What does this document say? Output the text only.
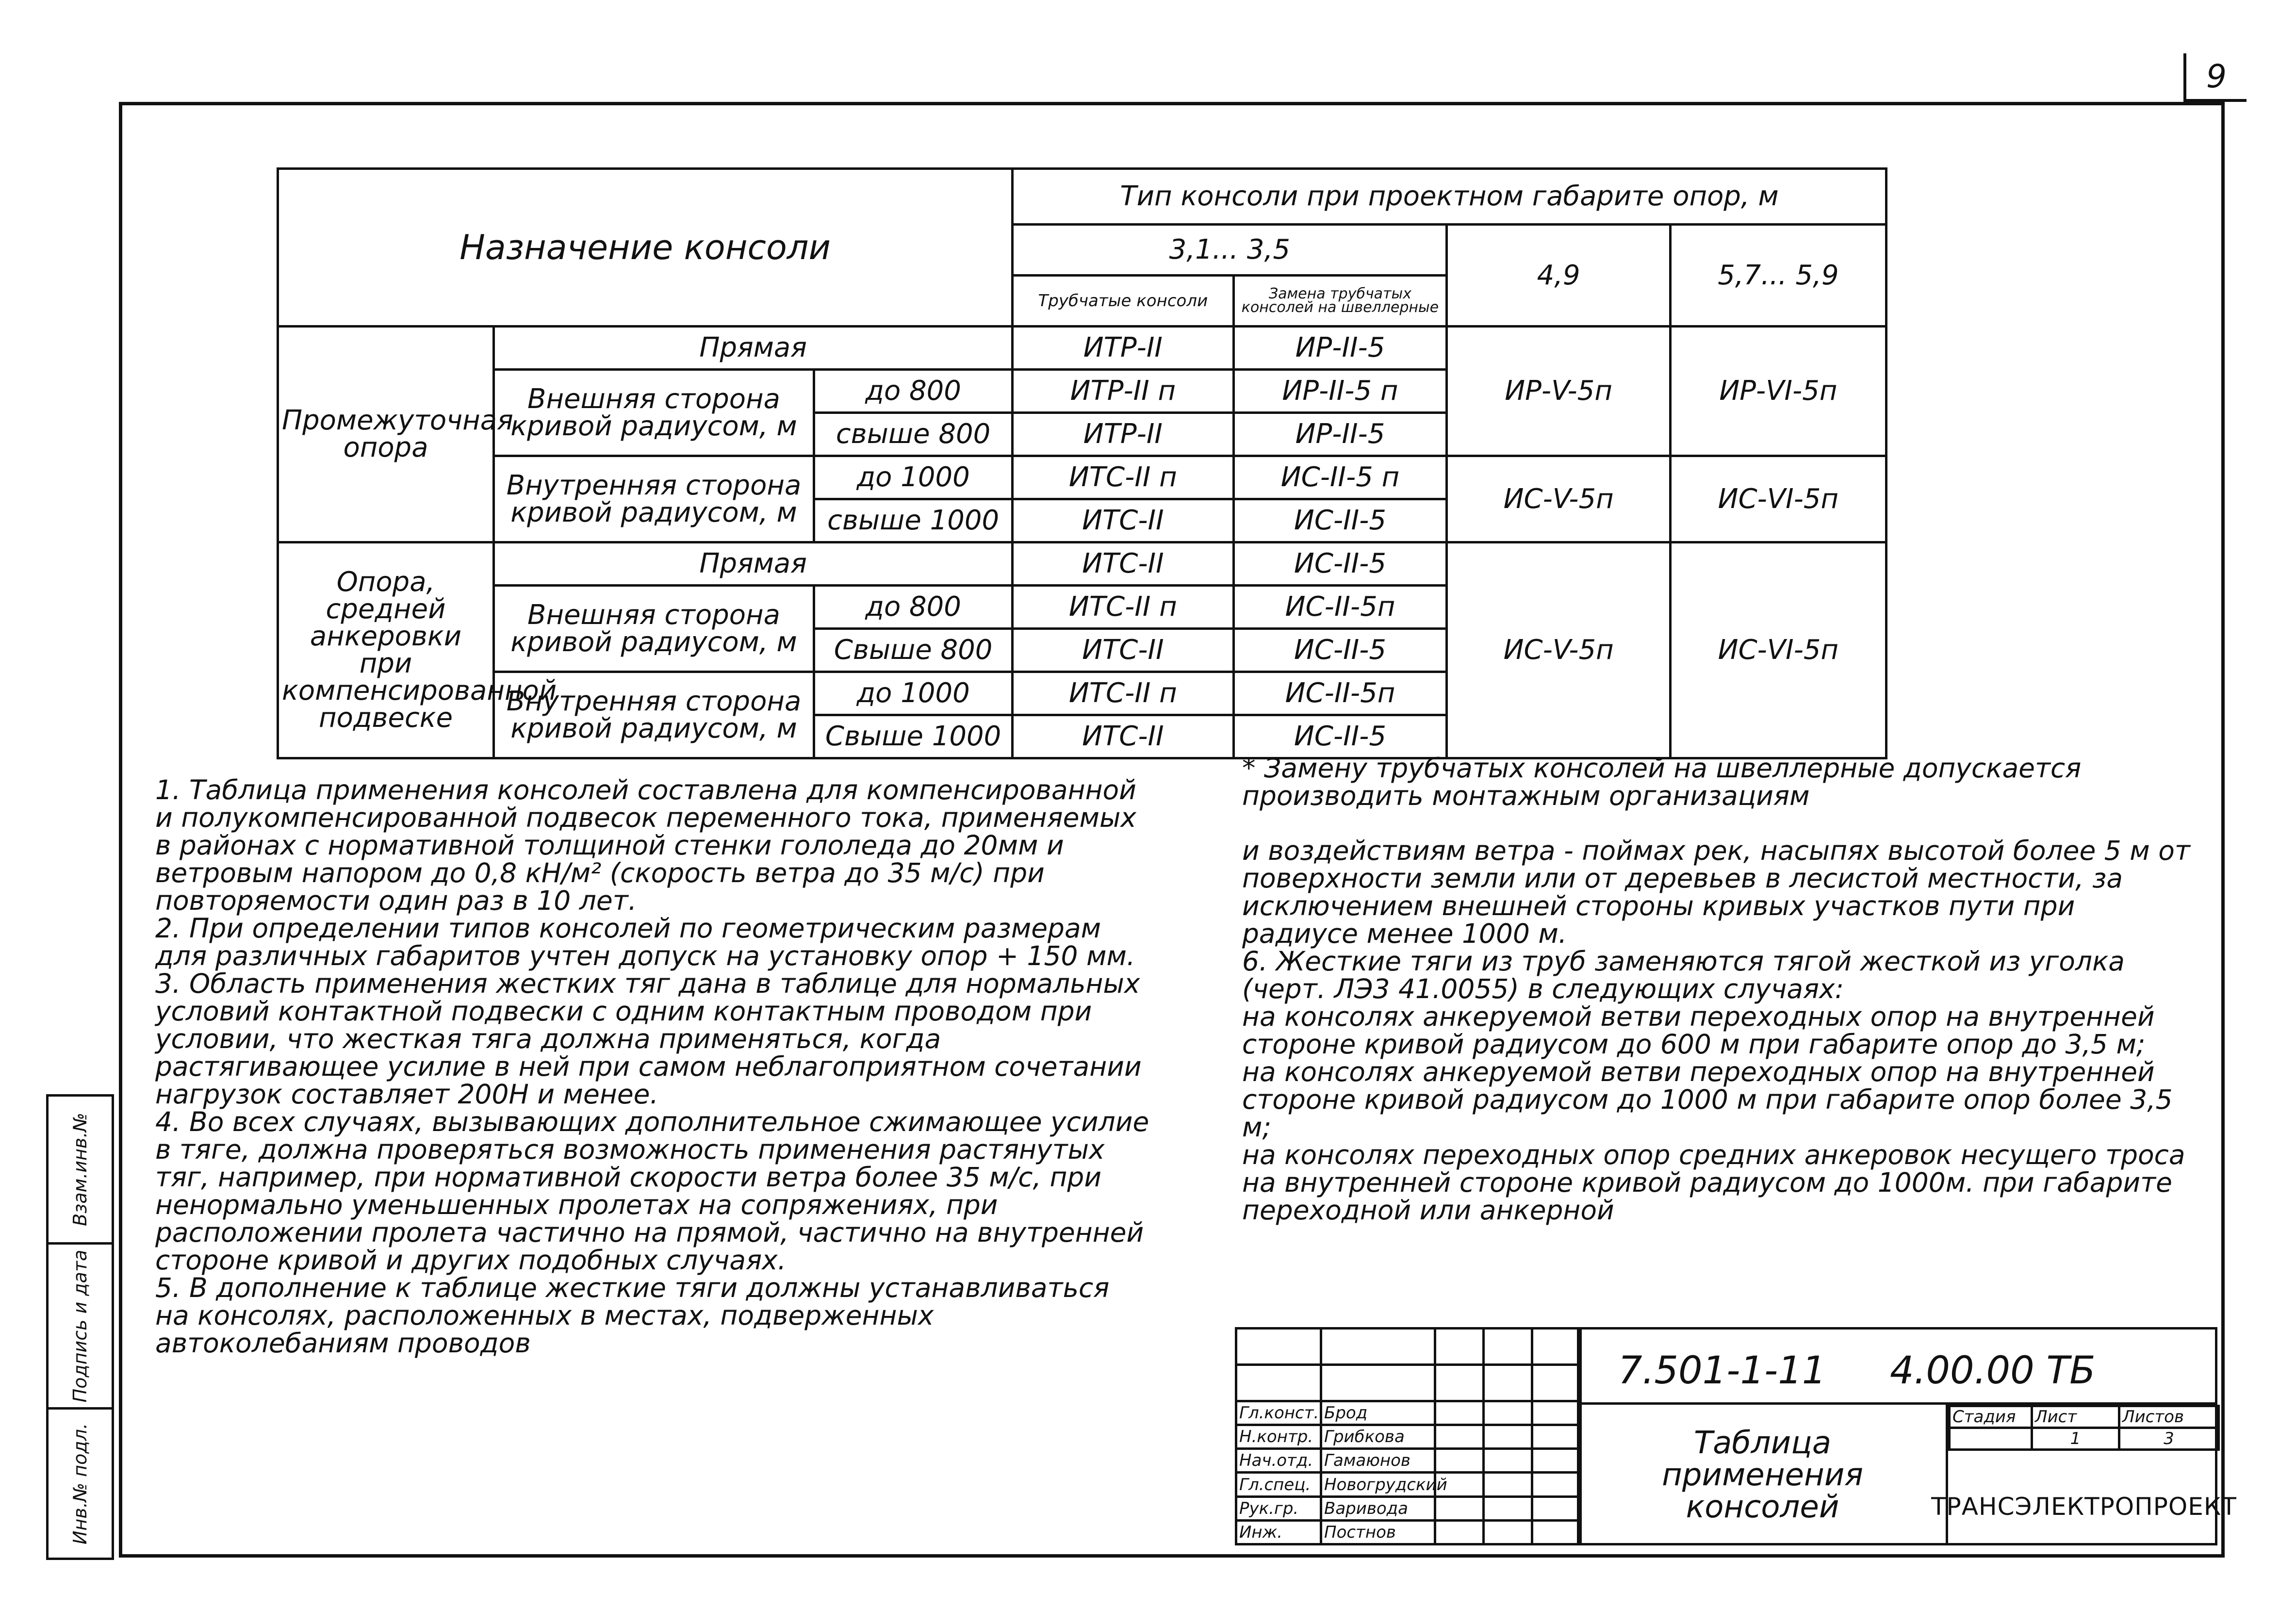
9
Назначение консоли			Тип консоли при проектном габарите опор, м			
			3,1... 3,5		4,9	5,7... 5,9
			Трубчатые консоли	Замена трубчатых консолей на швеллерные		
Промежуточная опора	Прямая		ИТР-II	ИР-II-5	ИР-V-5п	ИР-VI-5п
	Внешняя сторона кривой радиусом, м	до 800	ИТР-II п	ИР-II-5 п		
		свыше 800	ИТР-II	ИР-II-5		
	Внутренняя сторона кривой радиусом, м	до 1000	ИТС-II п	ИС-II-5 п	ИС-V-5п	ИС-VI-5п
		свыше 1000	ИТС-II	ИС-II-5		
Опора, средней анкеровки при компенсированной подвеске	Прямая		ИТС-II	ИС-II-5	ИС-V-5п	ИС-VI-5п
	Внешняя сторона кривой радиусом, м	до 800	ИТС-II п	ИС-II-5п		
		Свыше 800	ИТС-II	ИС-II-5		
	Внутренняя сторона кривой радиусом, м	до 1000	ИТС-II п	ИС-II-5п		
		Свыше 1000	ИТС-II	ИС-II-5		
1. Таблица применения консолей составлена для компенсированной и полукомпенсированной подвесок переменного тока, применяемых в районах с нормативной толщиной стенки гололеда до 20мм и ветровым напором до 0,8 кН/м² (скорость ветра до 35 м/с) при повторяемости один раз в 10 лет.
2. При определении типов консолей по геометрическим размерам для различных габаритов учтен допуск на установку опор + 150 мм.
3. Область применения жестких тяг дана в таблице для нормальных условий контактной подвески с одним контактным проводом при условии, что жесткая тяга должна применяться, когда растягивающее усилие в ней при самом неблагоприятном сочетании нагрузок составляет 200Н и менее.
4. Во всех случаях, вызывающих дополнительное сжимающее усилие в тяге, должна проверяться возможность применения растянутых тяг, например, при нормативной скорости ветра более 35 м/с, при ненормально уменьшенных пролетах на сопряжениях, при расположении пролета частично на прямой, частично на внутренней стороне кривой и других подобных случаях.
5. В дополнение к таблице жесткие тяги должны устанавливаться на консолях, расположенных в местах, подверженных автоколебаниям проводов
* Замену трубчатых консолей на швеллерные допускается производить монтажным организациям
и воздействиям ветра - поймах рек, насыпях высотой более 5 м от поверхности земли или от деревьев в лесистой местности, за исключением внешней стороны кривых участков пути при радиусе менее 1000 м.
6. Жесткие тяги из труб заменяются тягой жесткой из уголка (черт. ЛЭ3 41.0055) в следующих случаях:
на консолях анкеруемой ветви переходных опор на внутренней стороне кривой радиусом до 600 м при габарите опор до 3,5 м;
на консолях анкеруемой ветви переходных опор на внутренней стороне кривой радиусом до 1000 м при габарите опор более 3,5 м;
на консолях переходных опор средних анкеровок несущего троса на внутренней стороне кривой радиусом до 1000м. при габарите переходной или анкерной

Гл.конст.	Брод			
Н.контр.	Грибкова			
Нач.отд.	Гамаюнов			
Гл.спец.	Новогрудский			
Рук.гр.	Варивода			
Инж.	Постнов			
7.501-1-11 4.00.00 ТБ
Таблица применения консолей
Стадия	Лист	Листов
	1	3
ТРАНСЭЛЕКТРОПРОЕКТ
Взам.инв.№
Подпись и дата
Инв.№ подл.
